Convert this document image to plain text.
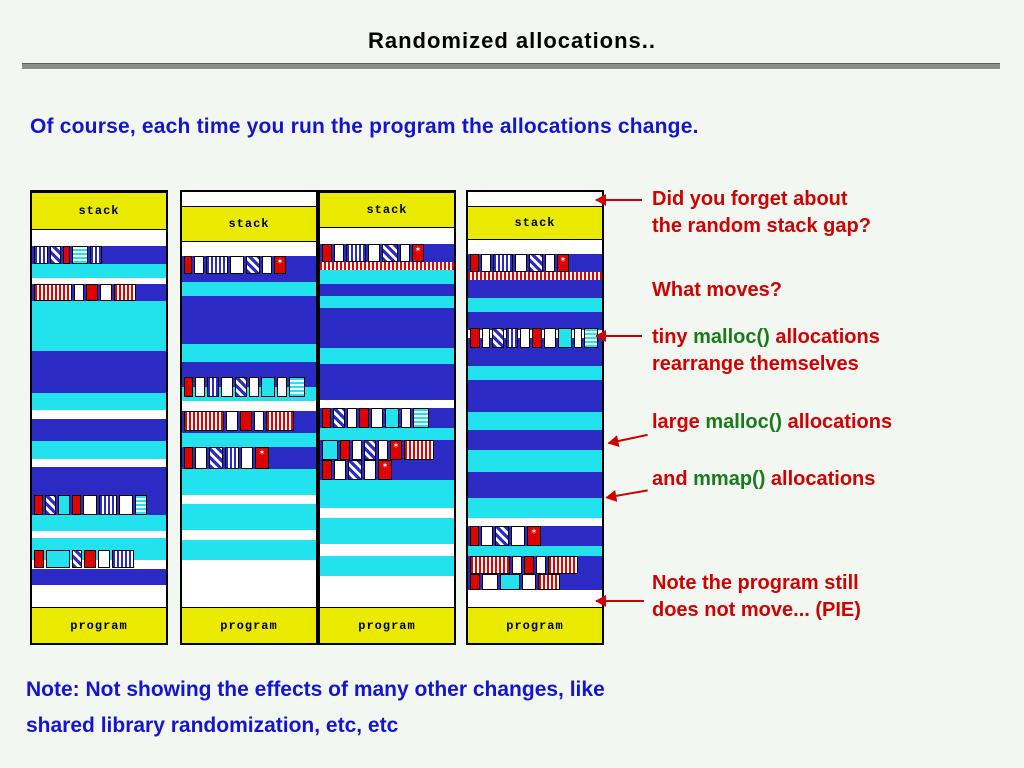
Randomized allocations..
Of course, each time you run the program the allocations change.
stack
program
stack
✶
✶
program
stack
✶
✶
✶
program
stack
✶
✶
program
Did you forget about
the random stack gap?
What moves?
tiny malloc() allocations
rearrange themselves
large malloc() allocations
and mmap() allocations
Note the program still
does not move... (PIE)
Note: Not showing the effects of many other changes, like
shared library randomization, etc, etc
